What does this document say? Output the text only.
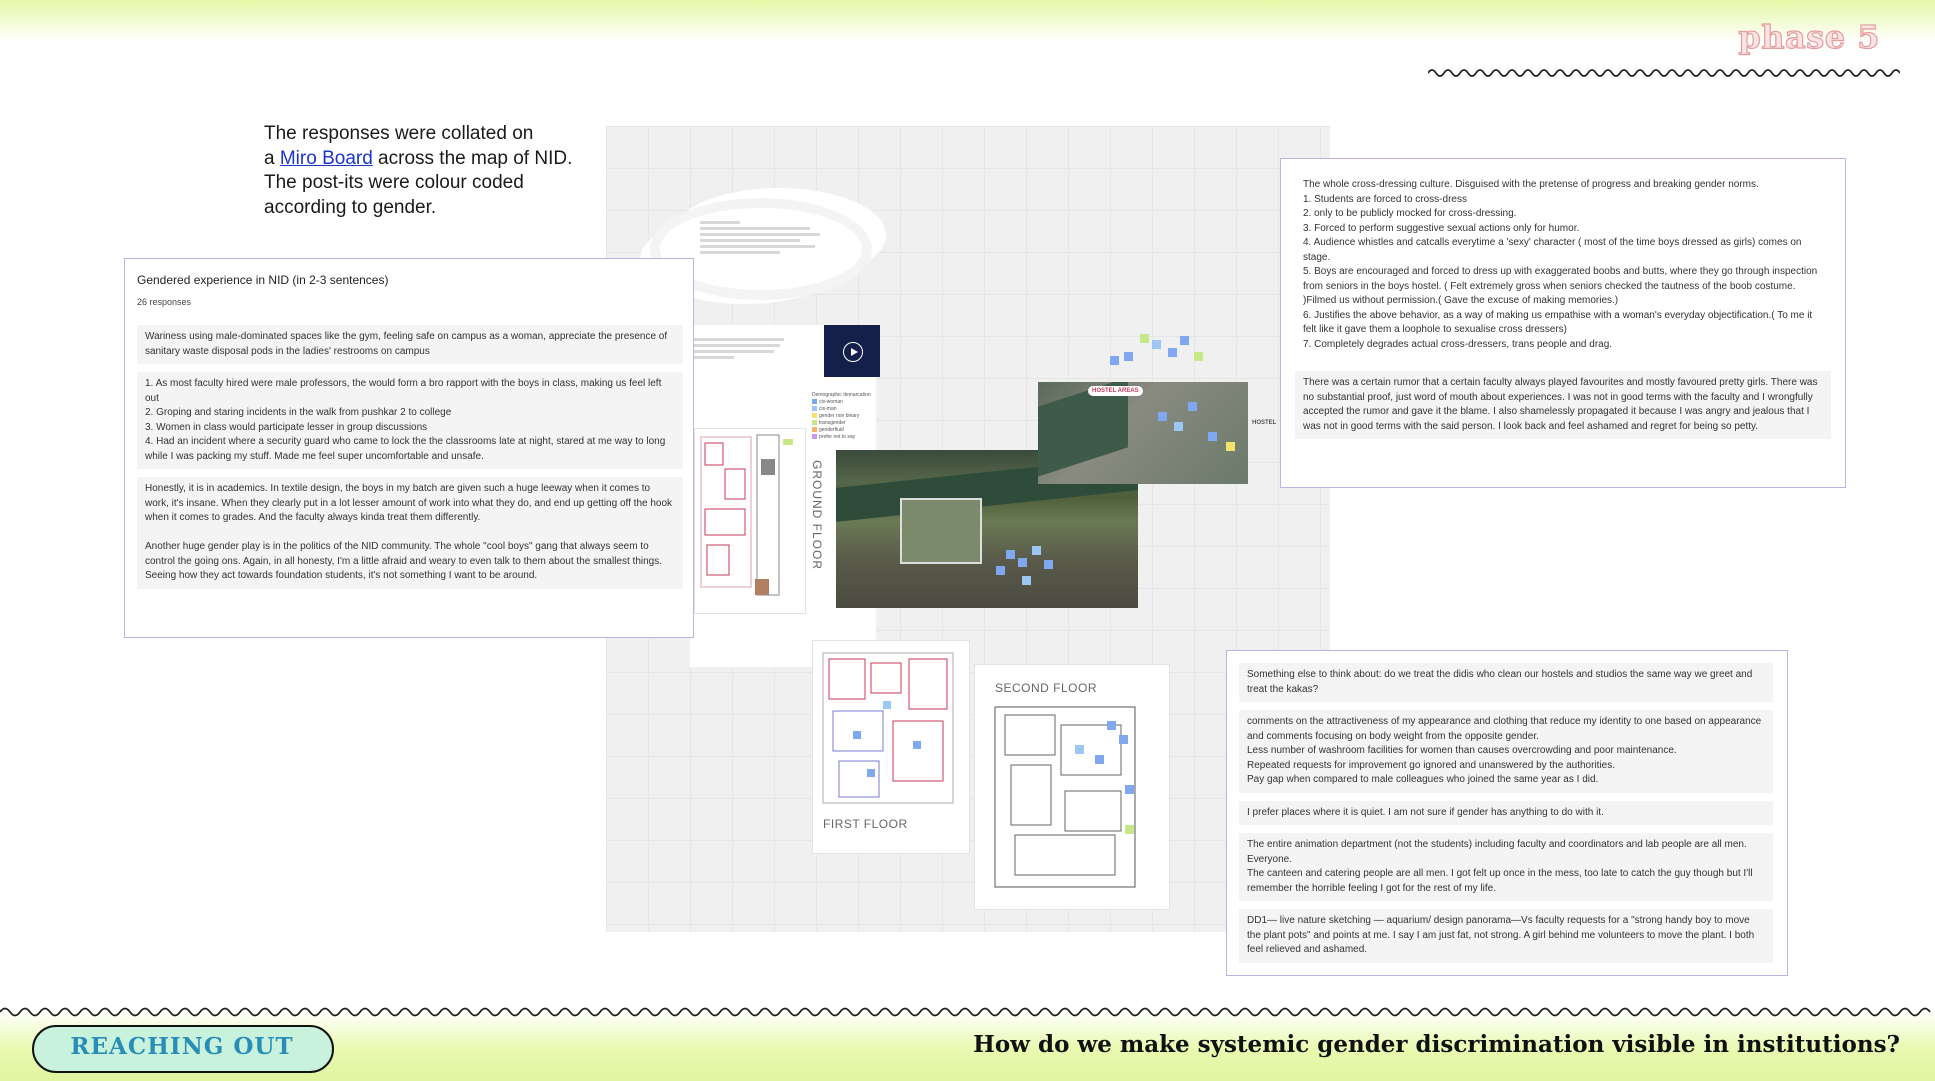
phase 5
The responses were collated on
a Miro Board across the map of NID.
The post-its were colour coded
according to gender.
Demographic demarcation
cis-woman
cis-man
gender non binary
transgender
genderfluid
prefer not to say
GROUND FLOOR
HOSTEL AREAS
HOSTEL
FIRST FLOOR
SECOND FLOOR
Gendered experience in NID (in 2-3 sentences)
26 responses
Wariness using male-dominated spaces like the gym, feeling safe on campus as a woman, appreciate the presence of sanitary waste disposal pods in the ladies' restrooms on campus
1. As most faculty hired were male professors, the would form a bro rapport with the boys in class, making us feel left out
2. Groping and staring incidents in the walk from pushkar 2 to college
3. Women in class would participate lesser in group discussions
4. Had an incident where a security guard who came to lock the the classrooms late at night, stared at me way to long while I was packing my stuff. Made me feel super uncomfortable and unsafe.
Honestly, it is in academics. In textile design, the boys in my batch are given such a huge leeway when it comes to work, it's insane. When they clearly put in a lot lesser amount of work into what they do, and end up getting off the hook when it comes to grades. And the faculty always kinda treat them differently.

Another huge gender play is in the politics of the NID community. The whole "cool boys" gang that always seem to control the going ons. Again, in all honesty, I'm a little afraid and weary to even talk to them about the smallest things. Seeing how they act towards foundation students, it's not something I want to be around.
The whole cross-dressing culture. Disguised with the pretense of progress and breaking gender norms.
1. Students are forced to cross-dress
2. only to be publicly mocked for cross-dressing.
3. Forced to perform suggestive sexual actions only for humor.
4. Audience whistles and catcalls everytime a 'sexy' character ( most of the time boys dressed as girls) comes on stage.
5. Boys are encouraged and forced to dress up with exaggerated boobs and butts, where they go through inspection from seniors in the boys hostel. ( Felt extremely gross when seniors checked the tautness of the boob costume. )Filmed us without permission.( Gave the excuse of making memories.)
6. Justifies the above behavior, as a way of making us empathise with a woman's everyday objectification.( To me it felt like it gave them a loophole to sexualise cross dressers)
7. Completely degrades actual cross-dressers, trans people and drag.
There was a certain rumor that a certain faculty always played favourites and mostly favoured pretty girls. There was no substantial proof, just word of mouth about experiences. I was not in good terms with the faculty and I wrongfully accepted the rumor and gave it the blame. I also shamelessly propagated it because I was angry and jealous that I was not in good terms with the said person. I look back and feel ashamed and regret for being so petty.
Something else to think about: do we treat the didis who clean our hostels and studios the same way we greet and treat the kakas?
comments on the attractiveness of my appearance and clothing that reduce my identity to one based on appearance and comments focusing on body weight from the opposite gender.
Less number of washroom facilities for women than causes overcrowding and poor maintenance.
Repeated requests for improvement go ignored and unanswered by the authorities.
Pay gap when compared to male colleagues who joined the same year as I did.
I prefer places where it is quiet. I am not sure if gender has anything to do with it.
The entire animation department (not the students) including faculty and coordinators and lab people are all men. Everyone.
The canteen and catering people are all men. I got felt up once in the mess, too late to catch the guy though but I'll remember the horrible feeling I got for the rest of my life.
DD1— live nature sketching — aquarium/ design panorama—Vs faculty requests for a "strong handy boy to move the plant pots" and points at me. I say I am just fat, not strong. A girl behind me volunteers to move the plant. I both feel relieved and ashamed.
REACHING OUT	How do we make systemic gender discrimination visible in institutions?
